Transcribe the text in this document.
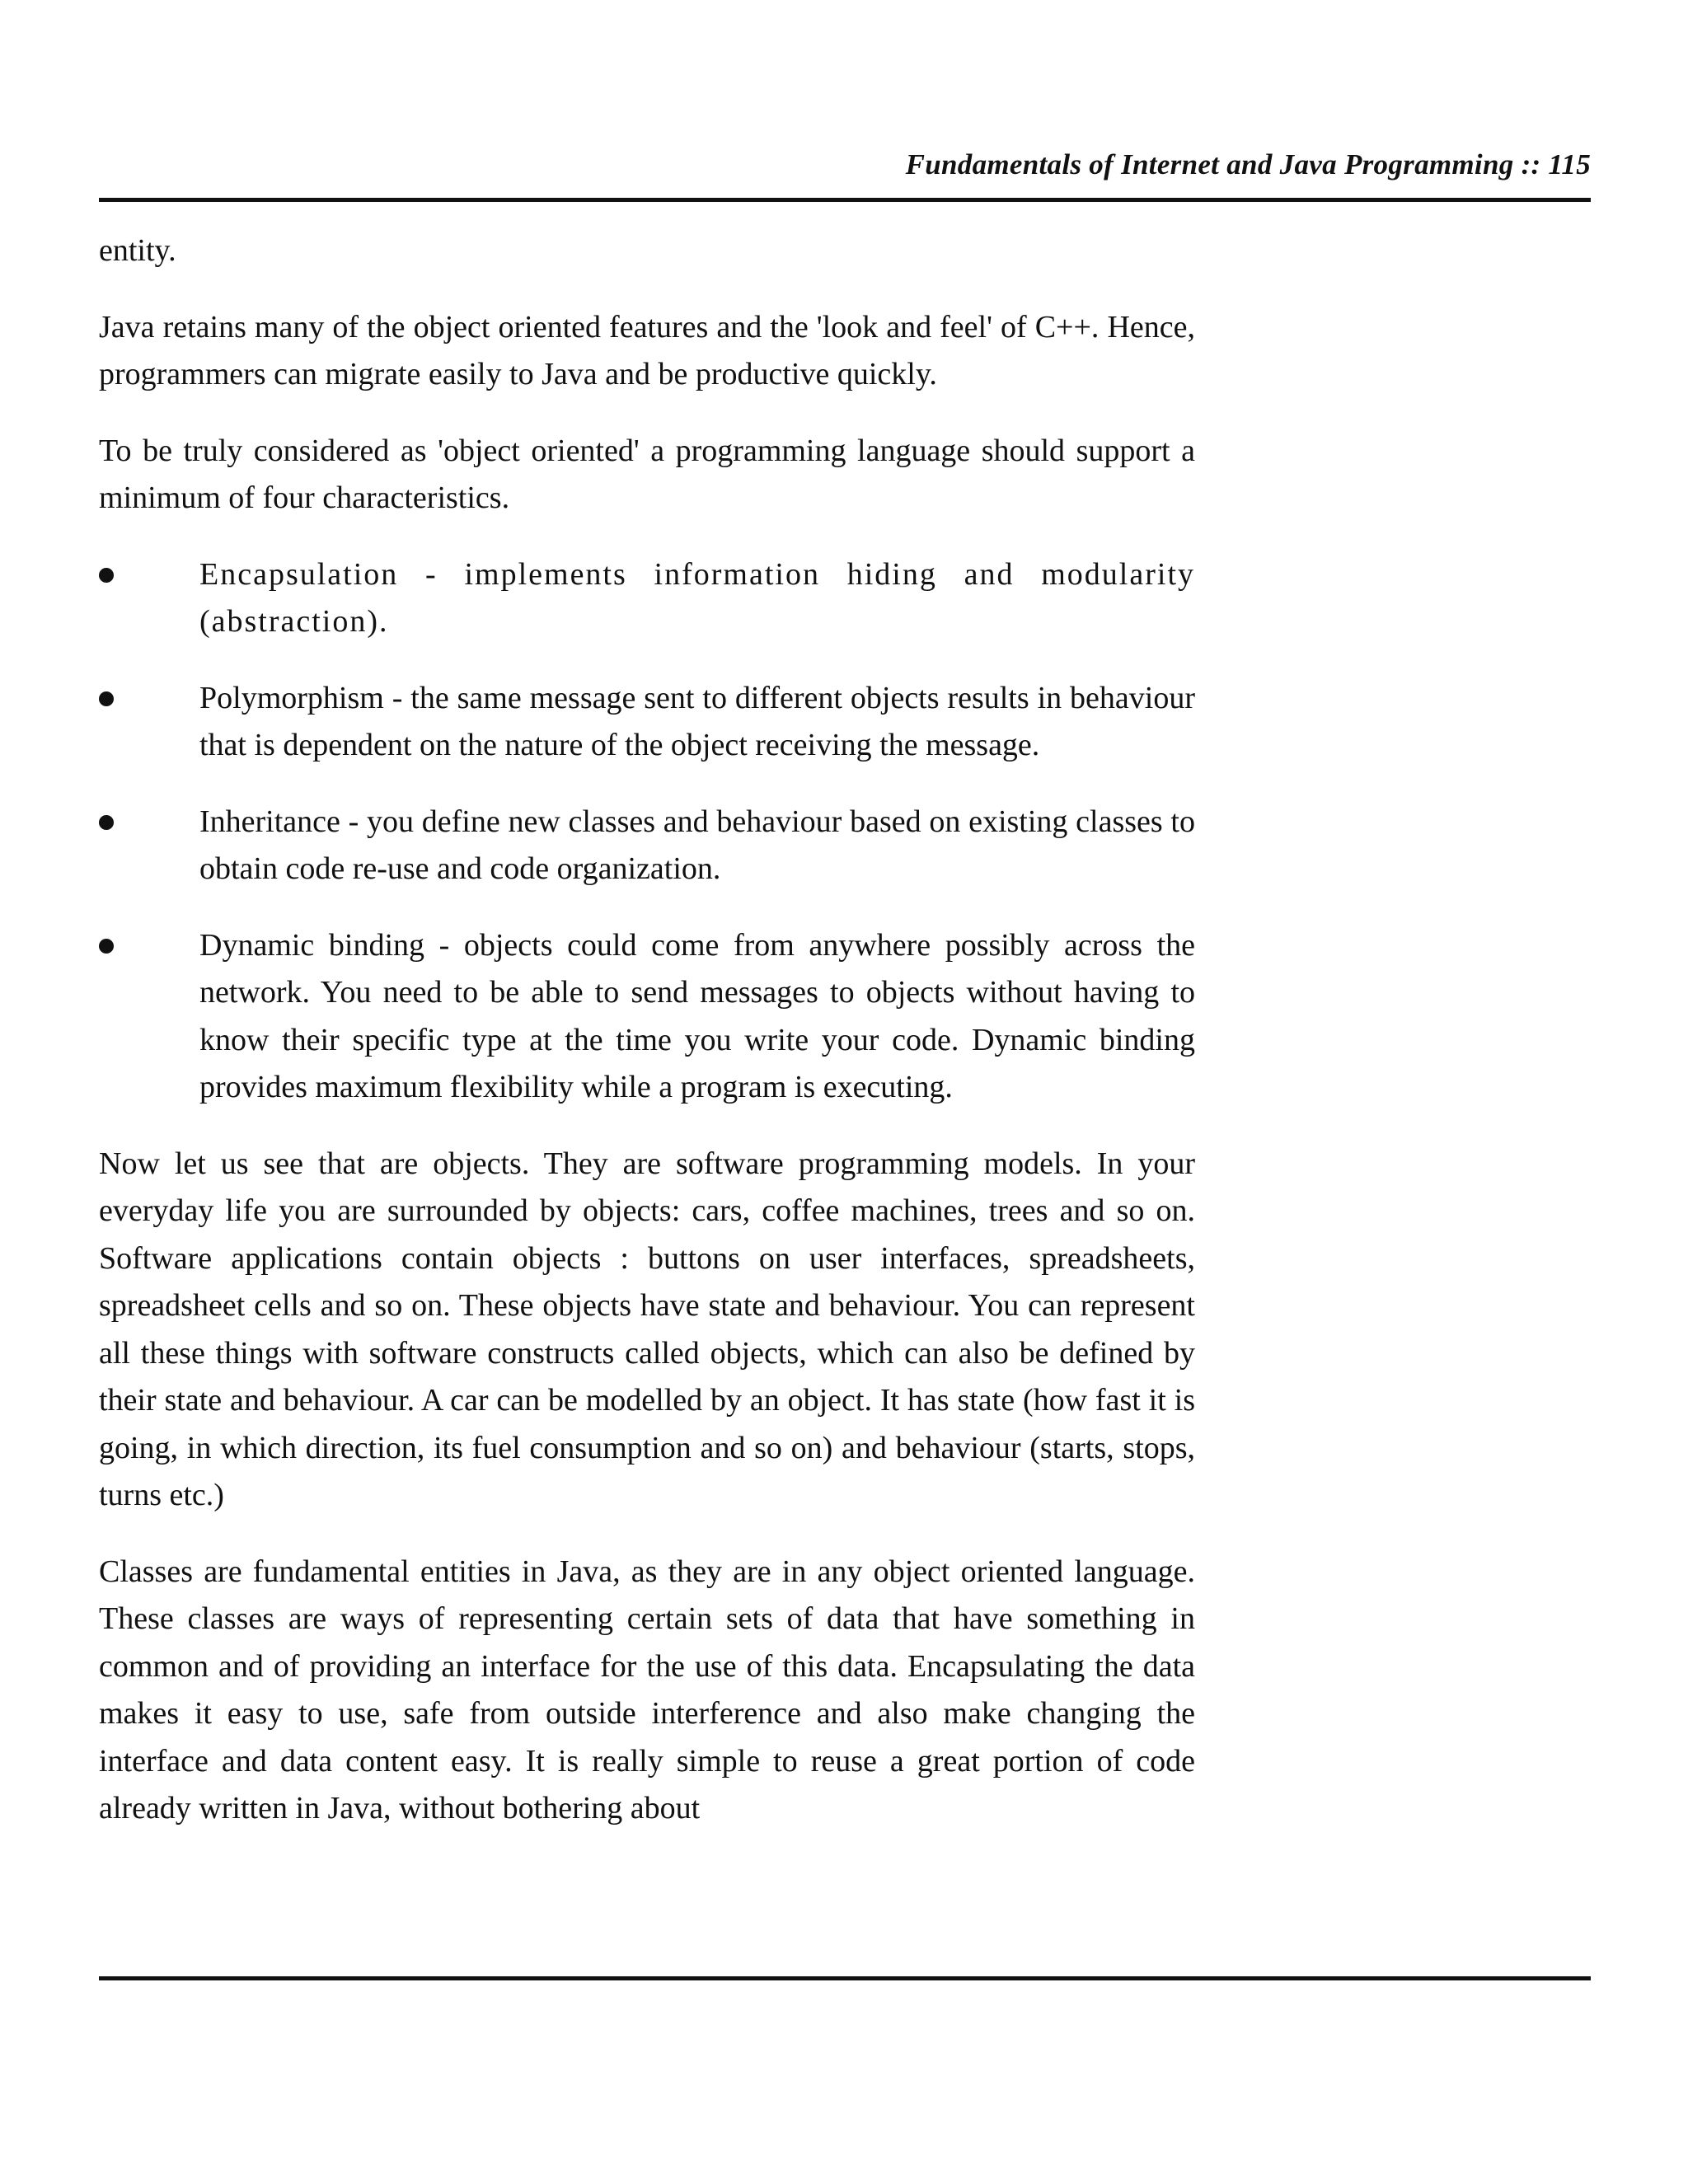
Fundamentals of Internet and Java Programming :: 115

entity.

Java retains many of the object oriented features and the 'look and feel' of C++. Hence, programmers can migrate easily to Java and be productive quickly.

To be truly considered as 'object oriented' a programming language should support a minimum of four characteristics.

Encapsulation - implements information hiding and modularity (abstraction).
Polymorphism - the same message sent to different objects results in behaviour that is dependent on the nature of the object receiving the message.
Inheritance - you define new classes and behaviour based on existing classes to obtain code re-use and code organization.
Dynamic binding - objects could come from anywhere possibly across the network. You need to be able to send messages to objects without having to know their specific type at the time you write your code. Dynamic binding provides maximum flexibility while a program is executing.

Now let us see that are objects. They are software programming models. In your everyday life you are surrounded by objects: cars, coffee machines, trees and so on. Software applications contain objects : buttons on user interfaces, spreadsheets, spreadsheet cells and so on. These objects have state and behaviour. You can represent all these things with software constructs called objects, which can also be defined by their state and behaviour. A car can be modelled by an object. It has state (how fast it is going, in which direction, its fuel consumption and so on) and behaviour (starts, stops, turns etc.)

Classes are fundamental entities in Java, as they are in any object oriented language. These classes are ways of representing certain sets of data that have something in common and of providing an interface for the use of this data. Encapsulating the data makes it easy to use, safe from outside interference and also make changing the interface and data content easy. It is really simple to reuse a great portion of code already written in Java, without bothering about
